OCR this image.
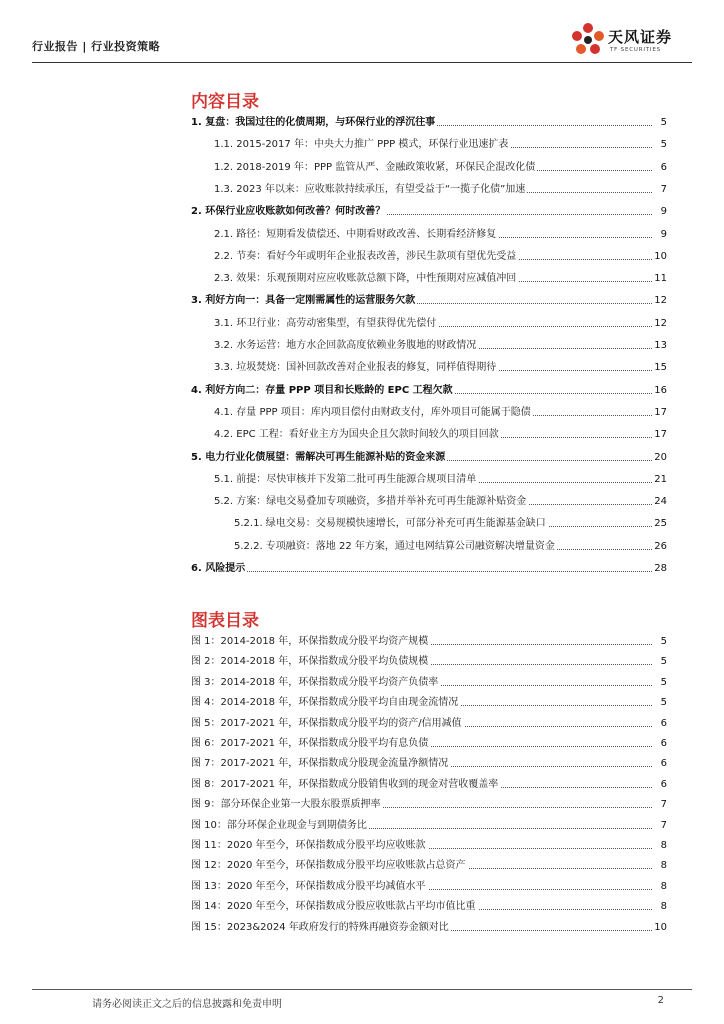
行业报告 | 行业投资策略
天风证券
TF SECURITIES
内容目录
1. 复盘：我国过往的化债周期，与环保行业的浮沉往事	5
1.1. 2015-2017 年：中央大力推广 PPP 模式，环保行业迅速扩表	5
1.2. 2018-2019 年：PPP 监管从严、金融政策收紧，环保民企混改化债	6
1.3. 2023 年以来：应收账款持续承压，有望受益于“一揽子化债”加速	7
2. 环保行业应收账款如何改善？何时改善？	9
2.1. 路径：短期看发债偿还、中期看财政改善、长期看经济修复	9
2.2. 节奏：看好今年或明年企业报表改善，涉民生款项有望优先受益	10
2.3. 效果：乐观预期对应应收账款总额下降，中性预期对应减值冲回	11
3. 利好方向一：具备一定刚需属性的运营服务欠款	12
3.1. 环卫行业：高劳动密集型，有望获得优先偿付	12
3.2. 水务运营：地方水企回款高度依赖业务腹地的财政情况	13
3.3. 垃圾焚烧：国补回款改善对企业报表的修复，同样值得期待	15
4. 利好方向二：存量 PPP 项目和长账龄的 EPC 工程欠款	16
4.1. 存量 PPP 项目：库内项目偿付由财政支付，库外项目可能属于隐债	17
4.2. EPC 工程：看好业主方为国央企且欠款时间较久的项目回款	17
5. 电力行业化债展望：需解决可再生能源补贴的资金来源	20
5.1. 前提：尽快审核并下发第二批可再生能源合规项目清单	21
5.2. 方案：绿电交易叠加专项融资，多措并举补充可再生能源补贴资金	24
5.2.1. 绿电交易：交易规模快速增长，可部分补充可再生能源基金缺口	25
5.2.2. 专项融资：落地 22 年方案，通过电网结算公司融资解决增量资金	26
6. 风险提示	28
图表目录
图 1：2014-2018 年，环保指数成分股平均资产规模	5
图 2：2014-2018 年，环保指数成分股平均负债规模	5
图 3：2014-2018 年，环保指数成分股平均资产负债率	5
图 4：2014-2018 年，环保指数成分股平均自由现金流情况	5
图 5：2017-2021 年，环保指数成分股平均的资产/信用减值	6
图 6：2017-2021 年，环保指数成分股平均有息负债	6
图 7：2017-2021 年，环保指数成分股现金流量净额情况	6
图 8：2017-2021 年，环保指数成分股销售收到的现金对营收覆盖率	6
图 9：部分环保企业第一大股东股票质押率	7
图 10：部分环保企业现金与到期债务比	7
图 11：2020 年至今，环保指数成分股平均应收账款	8
图 12：2020 年至今，环保指数成分股平均应收账款占总资产	8
图 13：2020 年至今，环保指数成分股平均减值水平	8
图 14：2020 年至今，环保指数成分股应收账款占平均市值比重	8
图 15：2023&2024 年政府发行的特殊再融资券金额对比	10
请务必阅读正文之后的信息披露和免责申明	2
